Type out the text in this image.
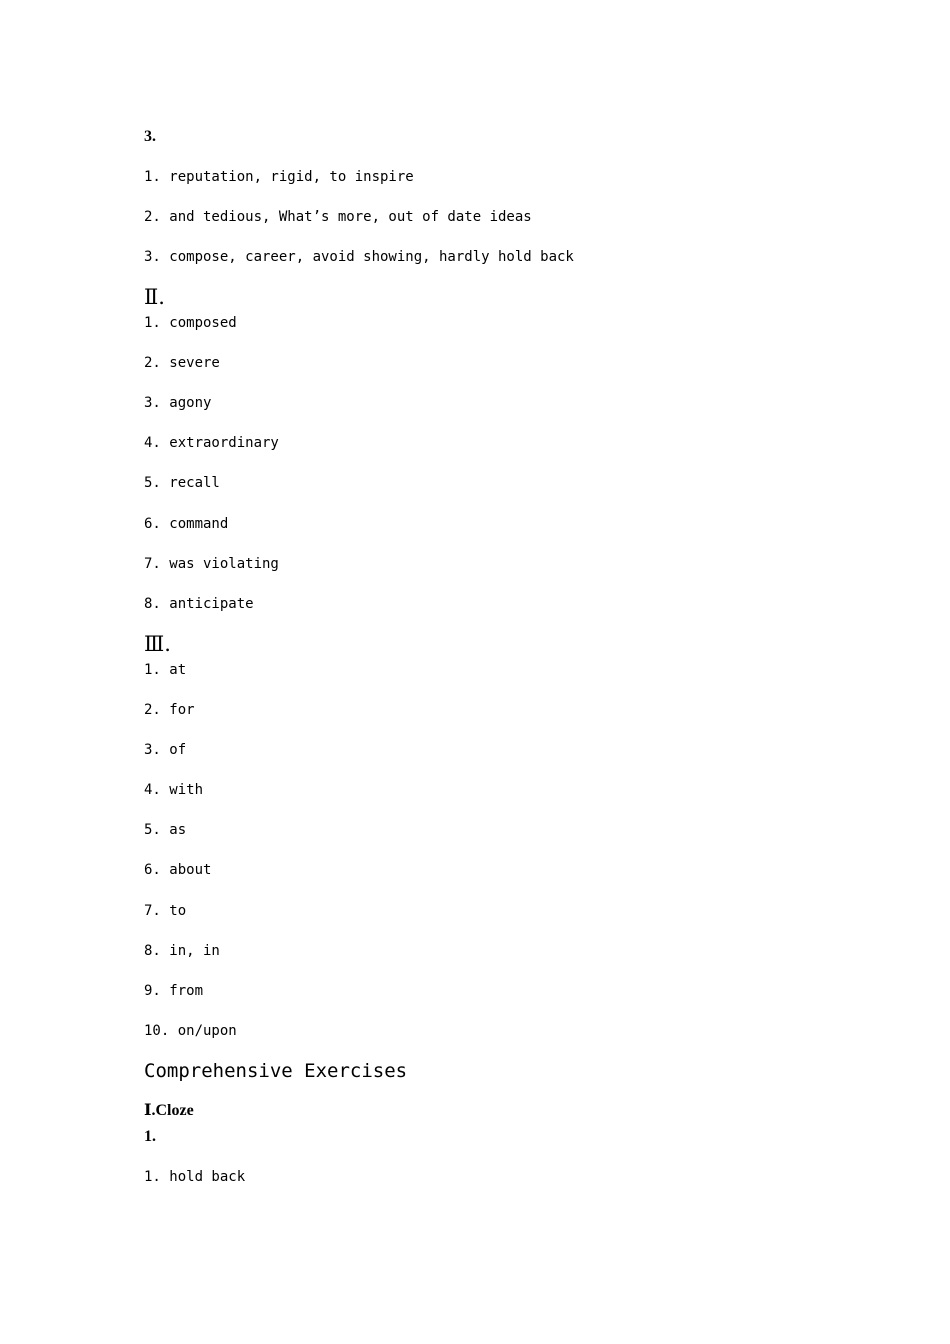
3.
1. reputation, rigid, to inspire
2. and tedious, What’s more, out of date ideas
3. compose, career, avoid showing, hardly hold back
Ⅱ.
1. composed
2. severe
3. agony
4. extraordinary
5. recall
6. command
7. was violating
8. anticipate
Ⅲ.
1. at
2. for
3. of
4. with
5. as
6. about
7. to
8. in, in
9. from
10. on/upon
Comprehensive Exercises
Ⅰ.Cloze
1.
1. hold back
